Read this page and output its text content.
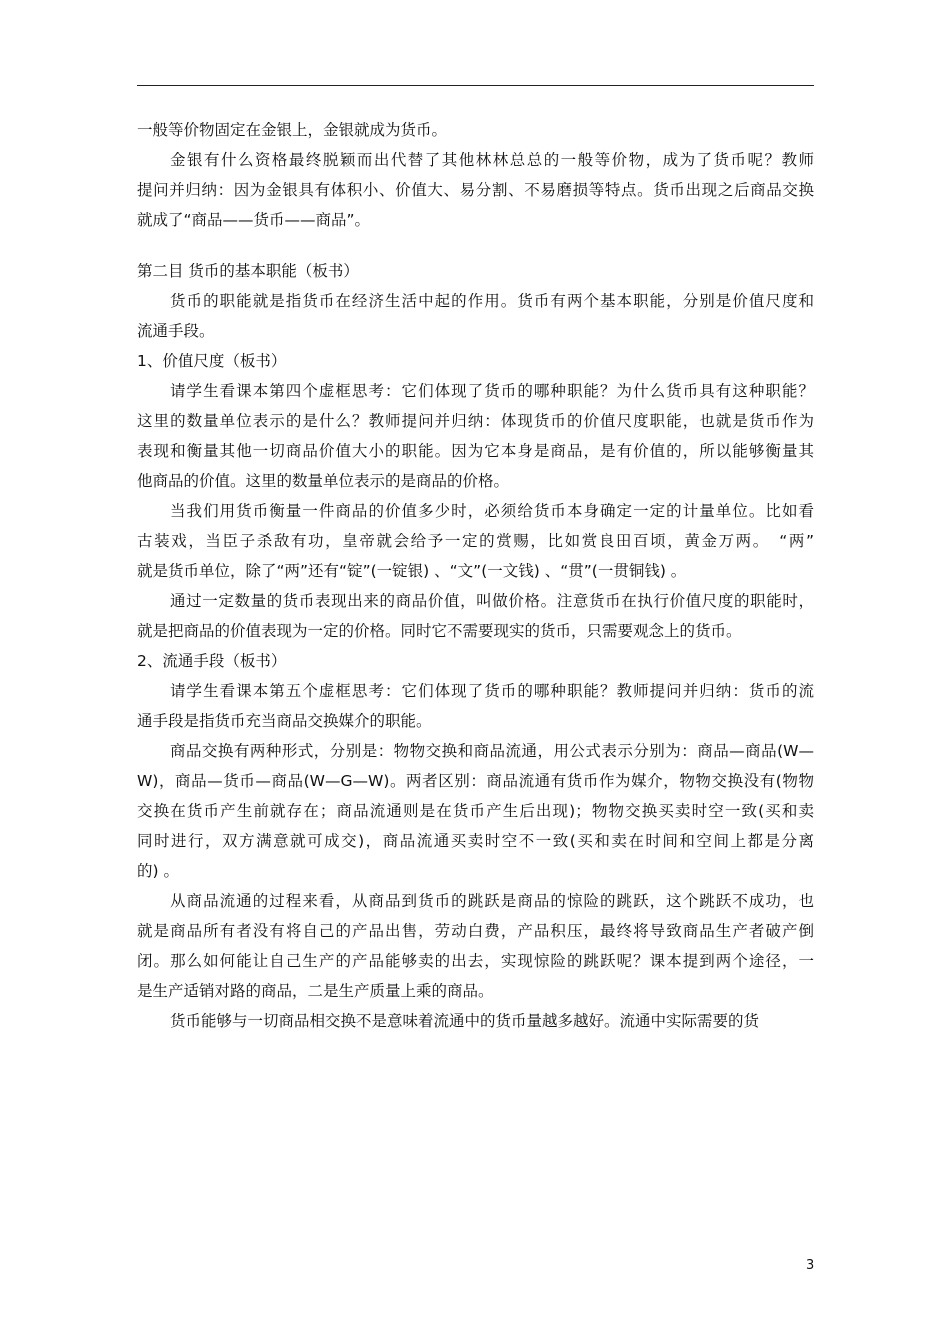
一般等价物固定在金银上，金银就成为货币。
金银有什么资格最终脱颖而出代替了其他林林总总的一般等价物，成为了货币呢？教师
提问并归纳：因为金银具有体积小、价值大、易分割、不易磨损等特点。货币出现之后商品交换
就成了“商品——货币——商品”。
第二目 货币的基本职能（板书）
货币的职能就是指货币在经济生活中起的作用。货币有两个基本职能，分别是价值尺度和
流通手段。
1、价值尺度（板书）
请学生看课本第四个虚框思考：它们体现了货币的哪种职能？为什么货币具有这种职能？
这里的数量单位表示的是什么？教师提问并归纳：体现货币的价值尺度职能，也就是货币作为
表现和衡量其他一切商品价值大小的职能。因为它本身是商品，是有价值的，所以能够衡量其
他商品的价值。这里的数量单位表示的是商品的价格。
当我们用货币衡量一件商品的价值多少时，必须给货币本身确定一定的计量单位。比如看
古装戏，当臣子杀敌有功，皇帝就会给予一定的赏赐，比如赏良田百顷，黄金万两。　“两”
就是货币单位，除了“两”还有“锭”(一锭银) 、“文”(一文钱) 、“贯”(一贯铜钱) 。
通过一定数量的货币表现出来的商品价值，叫做价格。注意货币在执行价值尺度的职能时，
就是把商品的价值表现为一定的价格。同时它不需要现实的货币，只需要观念上的货币。
2、流通手段（板书）
请学生看课本第五个虚框思考：它们体现了货币的哪种职能？教师提问并归纳：货币的流
通手段是指货币充当商品交换媒介的职能。
商品交换有两种形式，分别是：物物交换和商品流通，用公式表示分别为：商品—商品(W—
W)，商品—货币—商品(W—G—W)。两者区别：商品流通有货币作为媒介，物物交换没有(物物
交换在货币产生前就存在；商品流通则是在货币产生后出现)；物物交换买卖时空一致(买和卖
同时进行，双方满意就可成交)，商品流通买卖时空不一致(买和卖在时间和空间上都是分离
的) 。
从商品流通的过程来看，从商品到货币的跳跃是商品的惊险的跳跃，这个跳跃不成功，也
就是商品所有者没有将自己的产品出售，劳动白费，产品积压，最终将导致商品生产者破产倒
闭。那么如何能让自己生产的产品能够卖的出去，实现惊险的跳跃呢？课本提到两个途径，一
是生产适销对路的商品，二是生产质量上乘的商品。
货币能够与一切商品相交换不是意味着流通中的货币量越多越好。流通中实际需要的货
3
